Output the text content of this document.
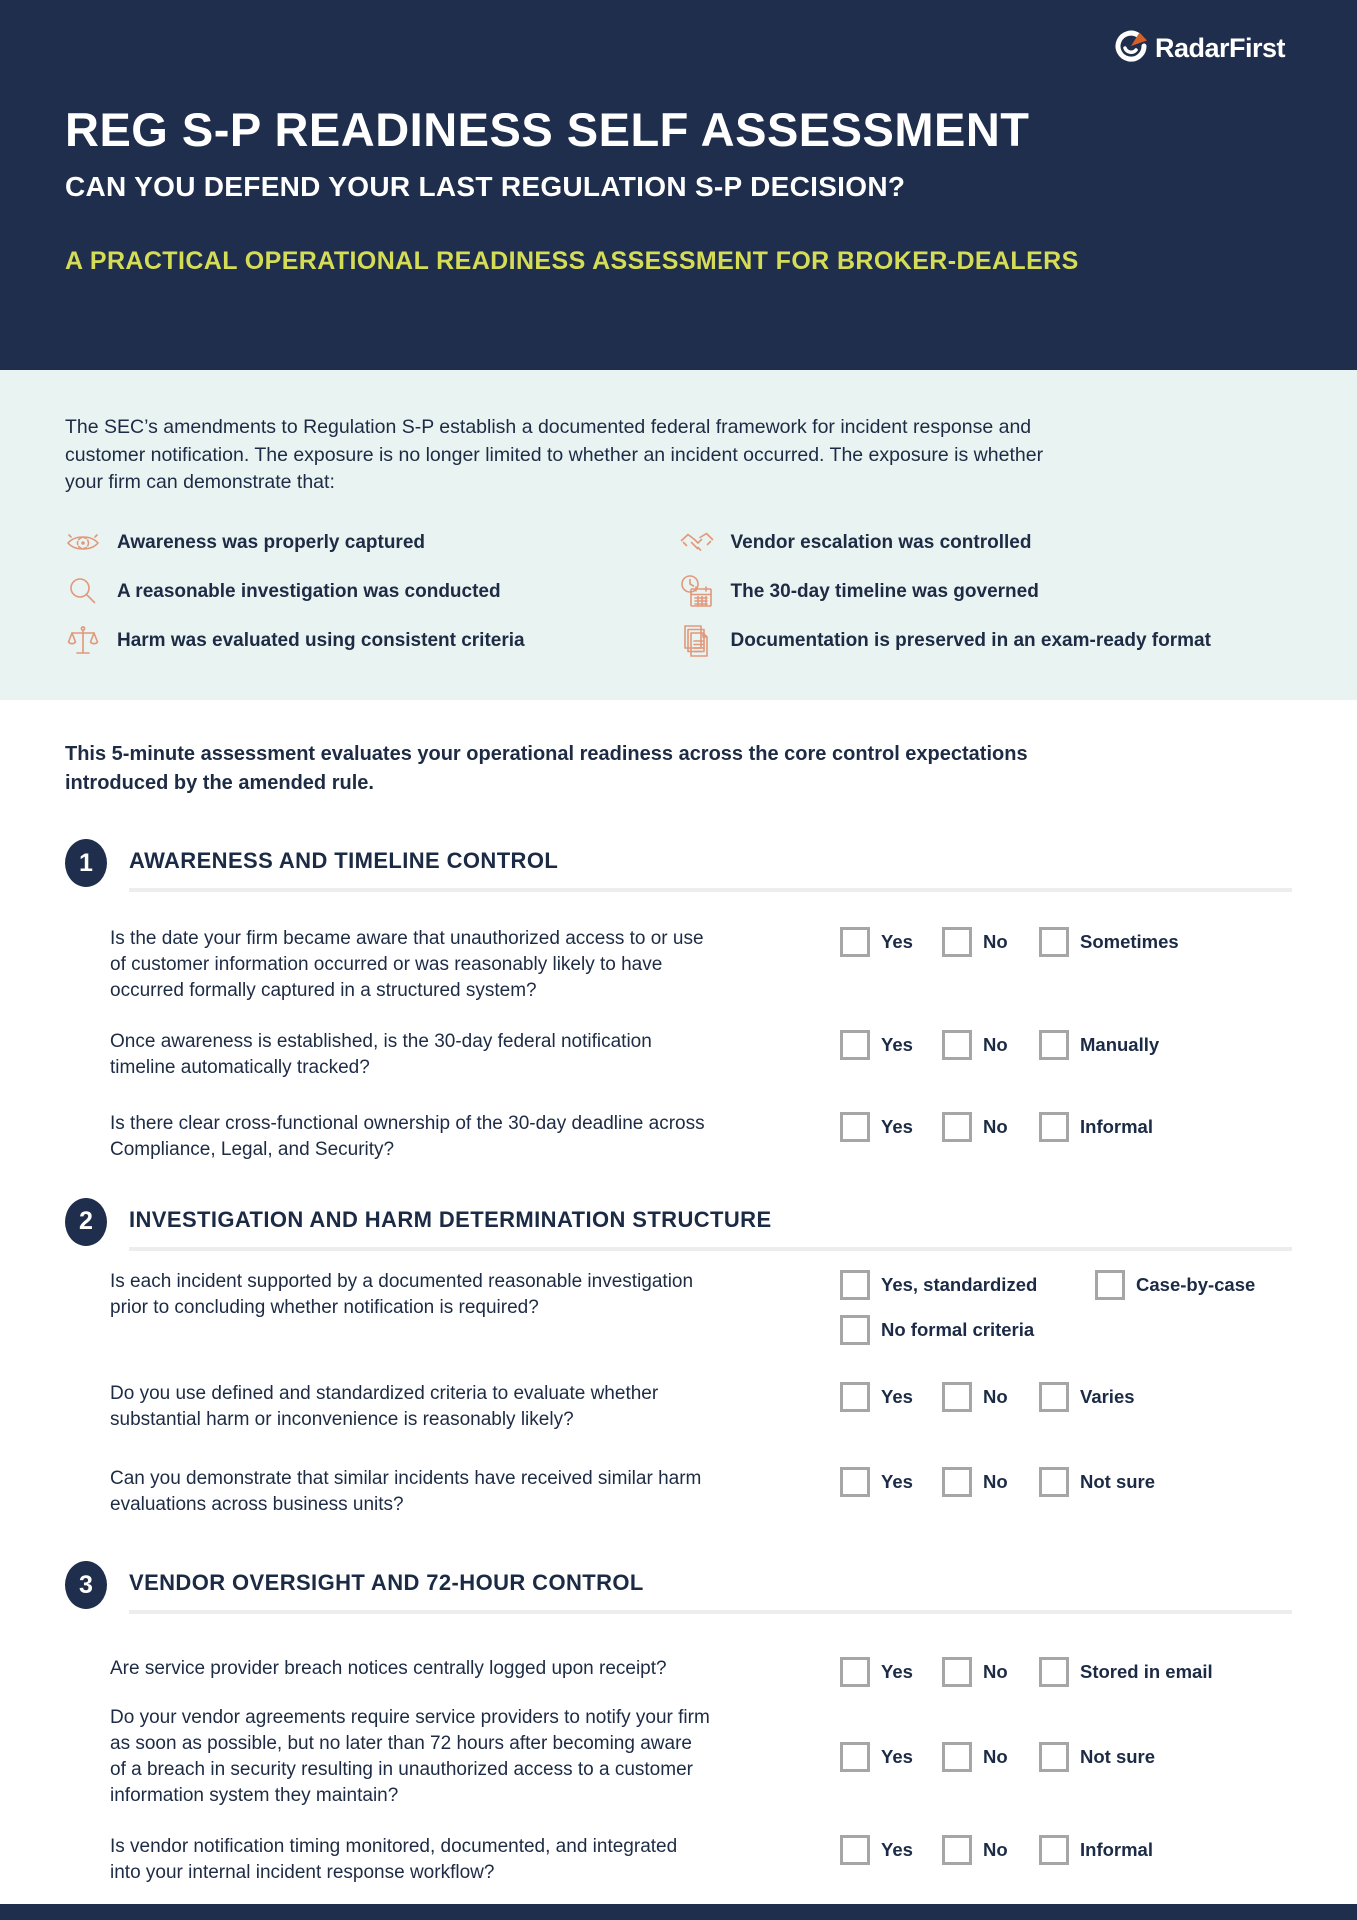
RadarFirst
REG S-P READINESS SELF ASSESSMENT
CAN YOU DEFEND YOUR LAST REGULATION S-P DECISION?
A PRACTICAL OPERATIONAL READINESS ASSESSMENT FOR BROKER-DEALERS

The SEC’s amendments to Regulation S-P establish a documented federal framework for incident response and customer notification. The exposure is no longer limited to whether an incident occurred. The exposure is whether your firm can demonstrate that:

Awareness was properly captured
A reasonable investigation was conducted
Harm was evaluated using consistent criteria
Vendor escalation was controlled
The 30-day timeline was governed
Documentation is preserved in an exam-ready format

This 5-minute assessment evaluates your operational readiness across the core control expectations introduced by the amended rule.

1	AWARENESS AND TIMELINE CONTROL

Is the date your firm became aware that unauthorized access to or use of customer information occurred or was reasonably likely to have occurred formally captured in a structured system?

Yes	No	Sometimes

Once awareness is established, is the 30-day federal notification timeline automatically tracked?

Yes	No	Manually

Is there clear cross-functional ownership of the 30-day deadline across Compliance, Legal, and Security?

Yes	No	Informal
2	INVESTIGATION AND HARM DETERMINATION STRUCTURE

Is each incident supported by a documented reasonable investigation prior to concluding whether notification is required?

Yes, standardized	Case-by-case
No formal criteria

Do you use defined and standardized criteria to evaluate whether substantial harm or inconvenience is reasonably likely?

Yes	No	Varies

Can you demonstrate that similar incidents have received similar harm evaluations across business units?

Yes	No	Not sure
3	VENDOR OVERSIGHT AND 72-HOUR CONTROL

Are service provider breach notices centrally logged upon receipt?	Yes	No	Stored in email

Do your vendor agreements require service providers to notify your firm as soon as possible, but no later than 72 hours after becoming aware of a breach in security resulting in unauthorized access to a customer information system they maintain?

Yes	No	Not sure

Is vendor notification timing monitored, documented, and integrated into your internal incident response workflow?

Yes	No	Informal
